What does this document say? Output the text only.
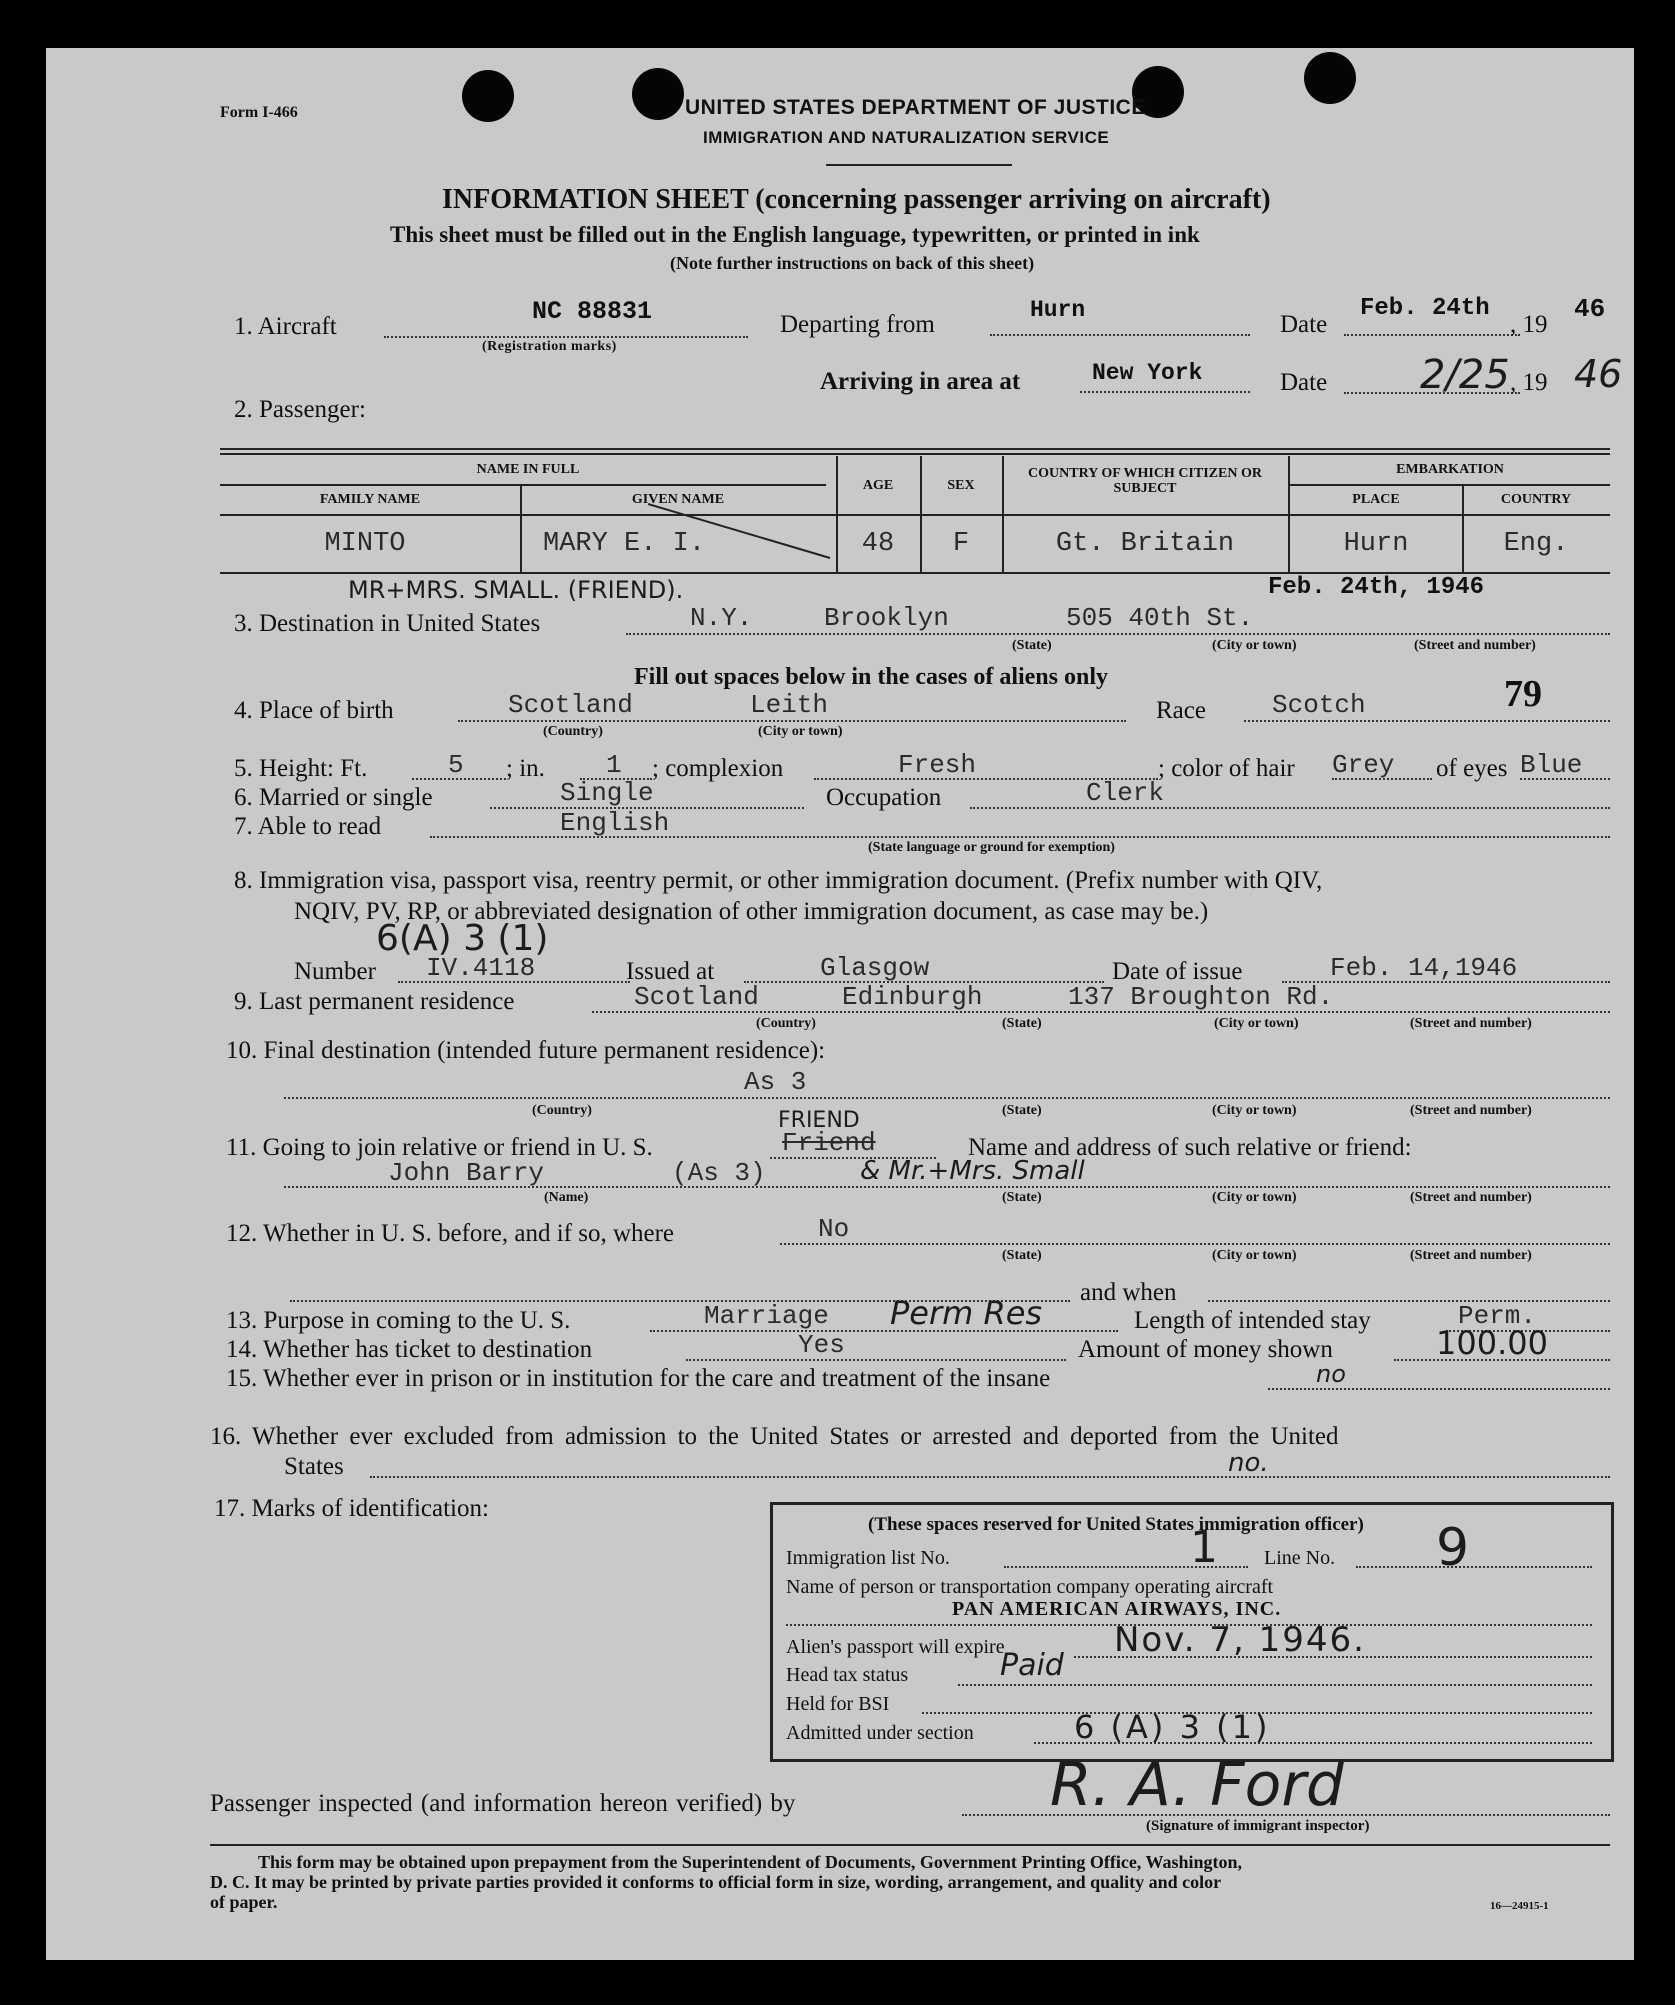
Form I-466	UNITED STATES DEPARTMENT OF JUSTICE
IMMIGRATION AND NATURALIZATION SERVICE
INFORMATION SHEET (concerning passenger arriving on aircraft)
This sheet must be filled out in the English language, typewritten, or printed in ink
(Note further instructions on back of this sheet)
1. Aircraft
NC 88831
(Registration marks)
Departing from
Hurn
Date
Feb. 24th
, 19
46
Arriving in area at	New York	Date 2/25 , 19 46
2. Passenger:
NAME IN FULL
FAMILY NAME	GIVEN NAME
AGE	SEX
COUNTRY OF WHICH CITIZEN OR SUBJECT
EMBARKATION
PLACE	COUNTRY
MINTO	MARY E. I.	48	F	Gt. Britain	Hurn	Eng.
MR+MRS. SMALL. (FRIEND).	Feb. 24th, 1946
3. Destination in United States	N.Y.	Brooklyn	505 40th St.
(State)	(City or town)	(Street and number)
Fill out spaces below in the cases of aliens only
4. Place of birth	Scotland	Leith
(Country)	(City or town)
Race	Scotch	79
5. Height: Ft.	5 ; in. 1 ; complexion	Fresh	; color of hair Grey of eyes Blue
6. Married or single	Single	Occupation	Clerk
7. Able to read	English
(State language or ground for exemption)
8. Immigration visa, passport visa, reentry permit, or other immigration document. (Prefix number with QIV,
NQIV, PV, RP, or abbreviated designation of other immigration document, as case may be.)
6(A) 3 (1)
Number IV.4118	Issued at	Glasgow	Date of issue	Feb. 14,1946
9. Last permanent residence	Scotland	Edinburgh	137 Broughton Rd.
(Country)	(State)	(City or town)	(Street and number)
10. Final destination (intended future permanent residence):
As 3
(Country)	(State)	(City or town)	(Street and number)
FRIEND
11. Going to join relative or friend in U. S.	Friend	Name and address of such relative or friend:
John Barry	(As 3)	& Mr.+Mrs. Small
(Name)	(State)	(City or town)	(Street and number)
12. Whether in U. S. before, and if so, where	No
(State)	(City or town)	(Street and number)
and when
13. Purpose in coming to the U. S.	Marriage Perm Res	Length of intended stay	Perm.
14. Whether has ticket to destination	Yes	Amount of money shown	100.00
15. Whether ever in prison or in institution for the care and treatment of the insane	no
16. Whether ever excluded from admission to the United States or arrested and deported from the United
States	no.
17. Marks of identification:
(These spaces reserved for United States immigration officer)
Immigration list No.	1 Line No. 9
Name of person or transportation company operating aircraft
PAN AMERICAN AIRWAYS, INC.
Alien's passport will expire	Nov. 7, 1946.
Head tax status	Paid
Held for BSI
Admitted under section	6 (A) 3 (1)
Passenger inspected (and information hereon verified) by	R. A. Ford
(Signature of immigrant inspector)
This form may be obtained upon prepayment from the Superintendent of Documents, Government Printing Office, Washington,
D. C. It may be printed by private parties provided it conforms to official form in size, wording, arrangement, and quality and color
of paper.	16—24915-1
